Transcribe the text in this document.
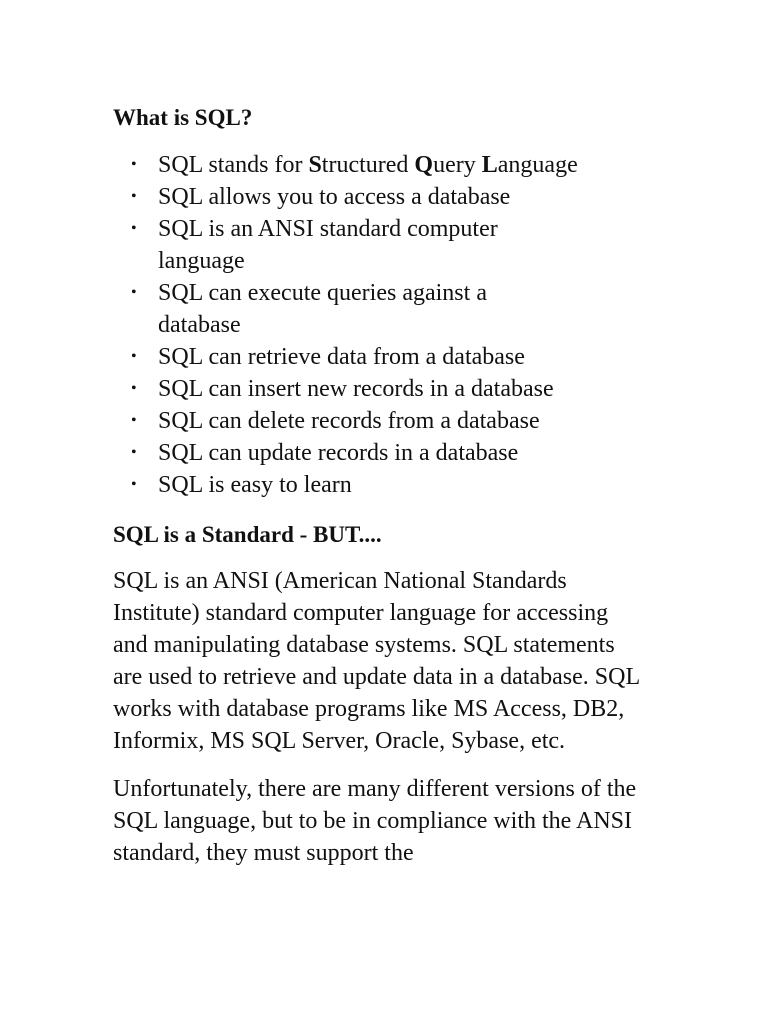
What is SQL?
• SQL stands for Structured Query Language
• SQL allows you to access a database
• SQL is an ANSI standard computer language
• SQL can execute queries against a database
• SQL can retrieve data from a database
• SQL can insert new records in a database
• SQL can delete records from a database
• SQL can update records in a database
• SQL is easy to learn
SQL is a Standard - BUT....

SQL is an ANSI (American National Standards Institute) standard computer language for accessing and manipulating database systems. SQL statements are used to retrieve and update data in a database. SQL works with database programs like MS Access, DB2, Informix, MS SQL Server, Oracle, Sybase, etc.

Unfortunately, there are many different versions of the SQL language, but to be in compliance with the ANSI standard, they must support the
